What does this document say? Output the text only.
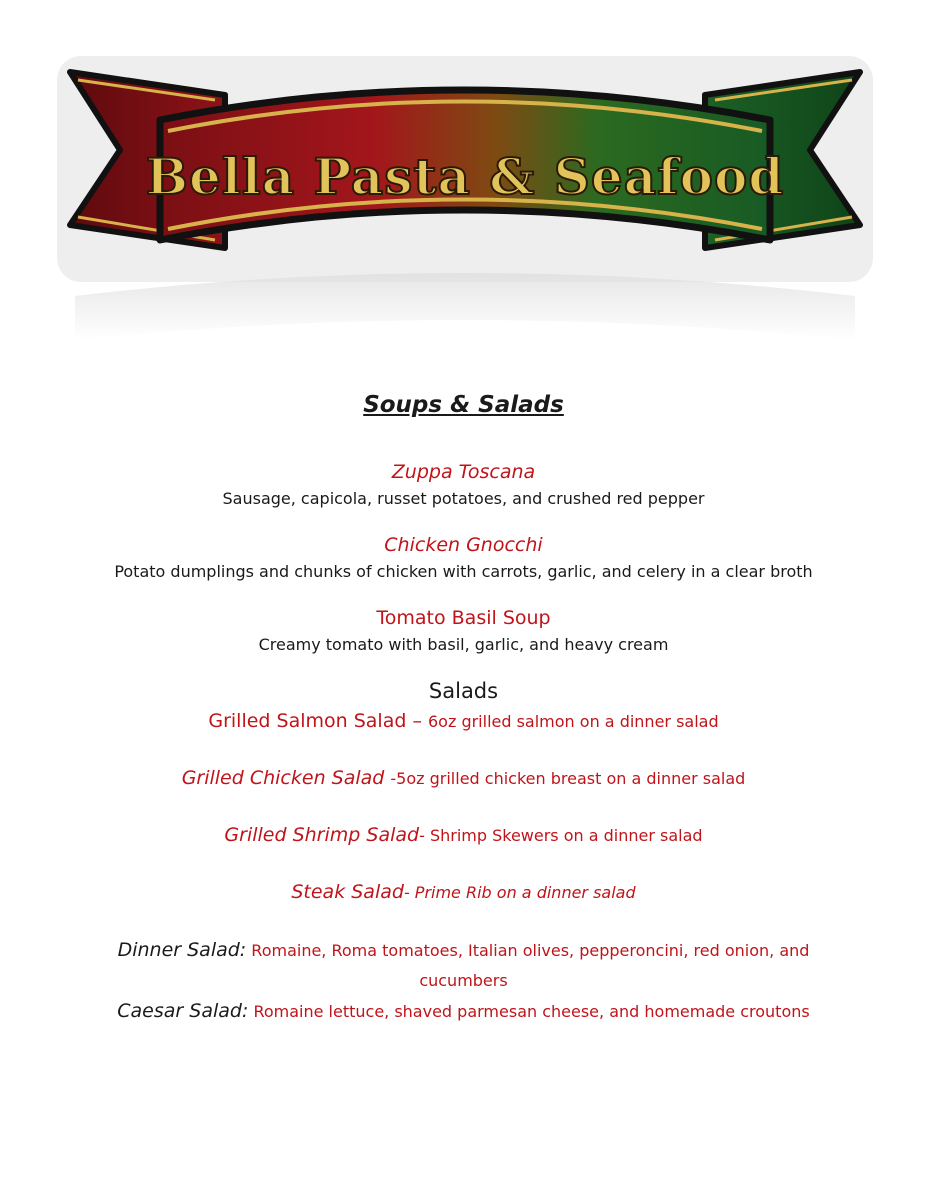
Bella Pasta & Seafood
Soups & Salads
Zuppa Toscana
Sausage, capicola, russet potatoes, and crushed red pepper
Chicken Gnocchi
Potato dumplings and chunks of chicken with carrots, garlic, and celery in a clear broth
Tomato Basil Soup
Creamy tomato with basil, garlic, and heavy cream
Salads
Grilled Salmon Salad – 6oz grilled salmon on a dinner salad
Grilled Chicken Salad -5oz grilled chicken breast on a dinner salad
Grilled Shrimp Salad- Shrimp Skewers on a dinner salad
Steak Salad- Prime Rib on a dinner salad
Dinner Salad: Romaine, Roma tomatoes, Italian olives, pepperoncini, red onion, and cucumbers
Caesar Salad: Romaine lettuce, shaved parmesan cheese, and homemade croutons
